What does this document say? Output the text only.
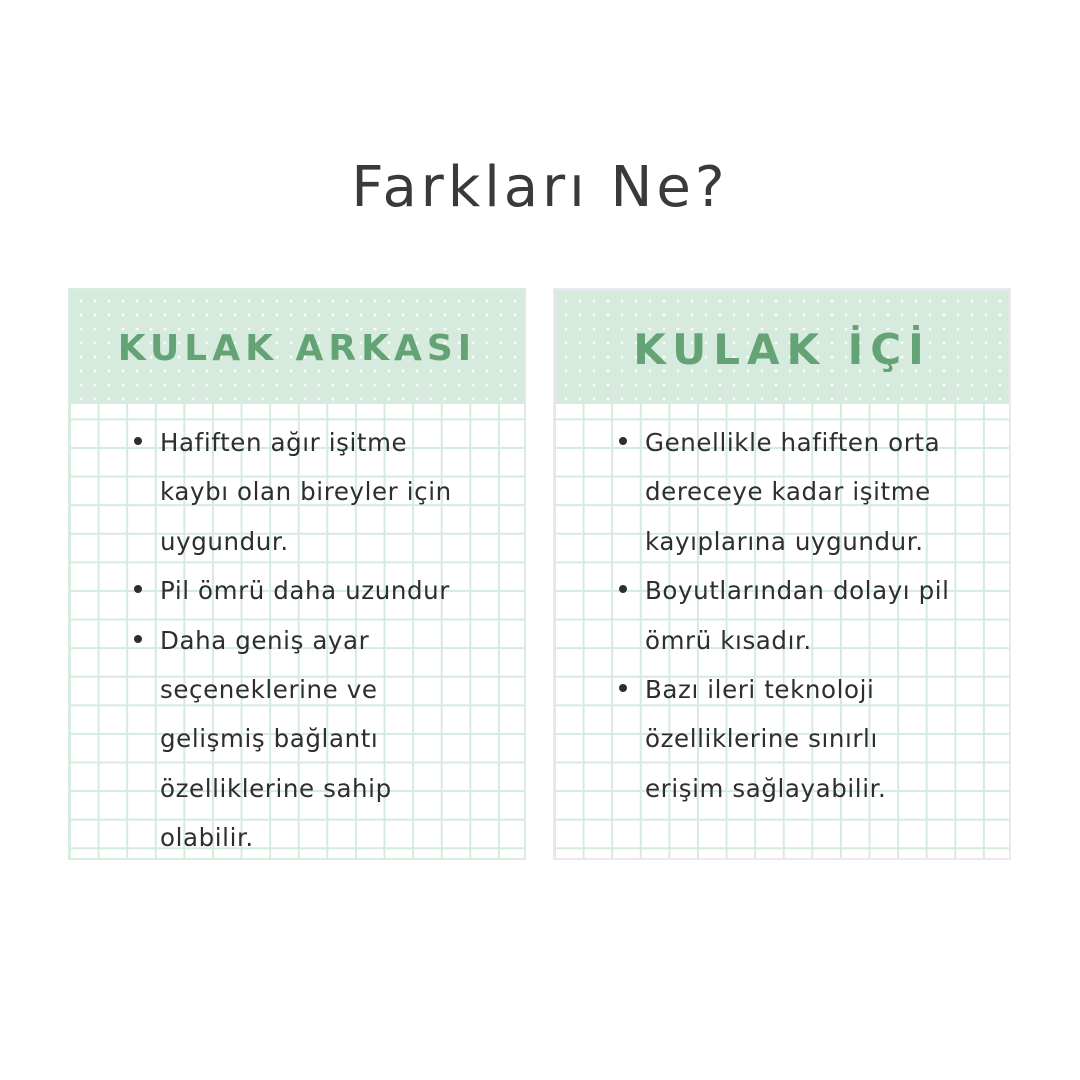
Farkları Ne?
KULAK ARKASI
Hafiften ağır işitme
kaybı olan bireyler için
uygundur.
Pil ömrü daha uzundur
Daha geniş ayar
seçeneklerine ve
gelişmiş bağlantı
özelliklerine sahip
olabilir.
KULAK İÇİ
Genellikle hafiften orta
dereceye kadar işitme
kayıplarına uygundur.
Boyutlarından dolayı pil
ömrü kısadır.
Bazı ileri teknoloji
özelliklerine sınırlı
erişim sağlayabilir.
